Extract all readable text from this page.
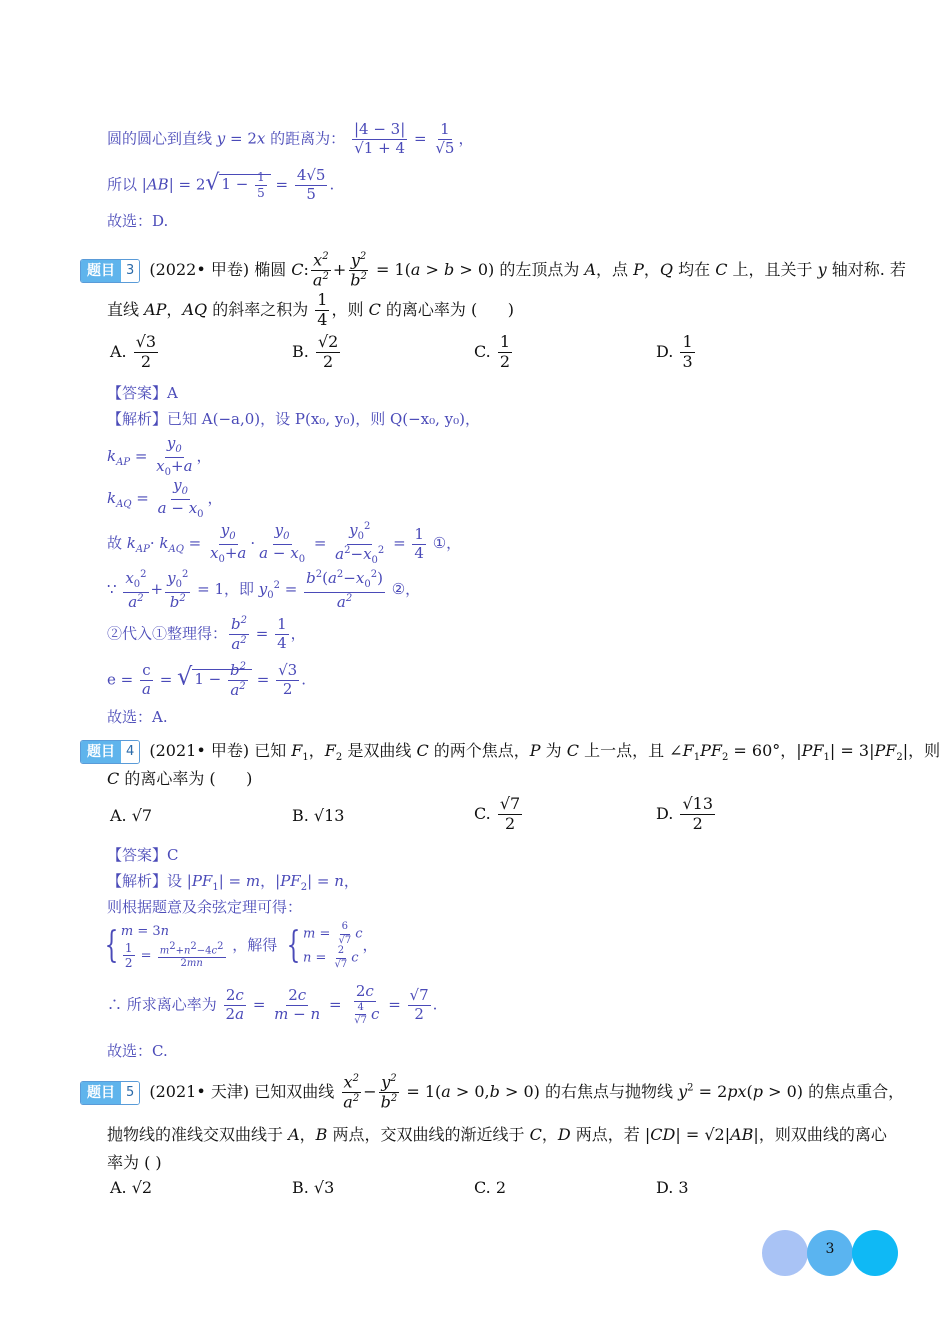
圆的圆心到直线 y = 2x 的距离为： $\frac{|4 - 3|}{√1 + 4} = \frac{1}{√5}$ ，
所以 |AB| = 2√ $1 - \frac{1}{5} = \frac{4√5}{5}$ .
故选：D.
题目 3 (2022• 甲卷) 椭圆 C: $\frac{x^2}{a^2} + \frac{y^2}{b^2} = 1(a > b > 0)$ 的左顶点为 A，点 P，Q 均在 C 上，且关于 y 轴对称. 若
直线 AP，AQ 的斜率之积为 $\frac{1}{4}$ ，则 C 的离心率为 (      )
A. $\frac{√3}{2}$	B. $\frac{√2}{2}$	C. $\frac{1}{2}$	D. $\frac{1}{3}$
【答案】A
【解析】已知 A(−a,0)，设 P(x₀, y₀)，则 Q(−x₀, y₀)，
$k_{AP} = \frac{y_0}{x_0+a}$ ，
$k_{AQ} = \frac{y_0}{a - x_0}$ ，
故 $k_{AP}\cdot k_{AQ} = \frac{y_0}{x_0+a} \cdot \frac{y_0}{a - x_0} = \frac{y_0^2}{a^2-x_0^2} = \frac{1}{4}$ ①，
∵ $\frac{x_0^2}{a^2} + \frac{y_0^2}{b^2} = 1$，即 $y_0^2 = \frac{b^2(a^2-x_0^2)}{a^2}$ ②，
②代入①整理得： $\frac{b^2}{a^2} = \frac{1}{4}$ ，
$e = \frac{c}{a}$ = √ $1 - \frac{b^2}{a^2} = \frac{√3}{2}$ .
故选：A.
题目 4 (2021• 甲卷) 已知 $F_1$，$F_2$ 是双曲线 C 的两个焦点，P 为 C 上一点，且 $\angle F_1PF_2 = 60^\circ$，$|PF_1| = 3|PF_2|$，则
C 的离心率为 (      )
A. √7	B. √13	C. $\frac{√7}{2}$	D. $\frac{√13}{2}$
【答案】C
【解析】设 $|PF_1| = m$，$|PF_2| = n$，
则根据题意及余弦定理可得：
{ m = 3n
$\frac{1}{2} = \frac{m^2+n^2-4c^2}{2mn}$ ，解得 { $m = \frac{6}{√7}$ c
$n = \frac{2}{√7}$ c
，
∴ 所求离心率为 $\frac{2c}{2a} = \frac{2c}{m - n} = \frac{2c}{\frac{4}{√7} c} = \frac{√7}{2}$ .
故选：C.
题目 5 (2021• 天津) 已知双曲线 $\frac{x^2}{a^2} - \frac{y^2}{b^2} = 1(a > 0,b > 0)$ 的右焦点与抛物线 $y^2 = 2px(p > 0)$ 的焦点重合，
抛物线的准线交双曲线于 A，B 两点，交双曲线的渐近线于 C，D 两点，若 |CD| = √2|AB|，则双曲线的离心
率为 ( )
A. √2	B. √3	C. 2	D. 3
3
